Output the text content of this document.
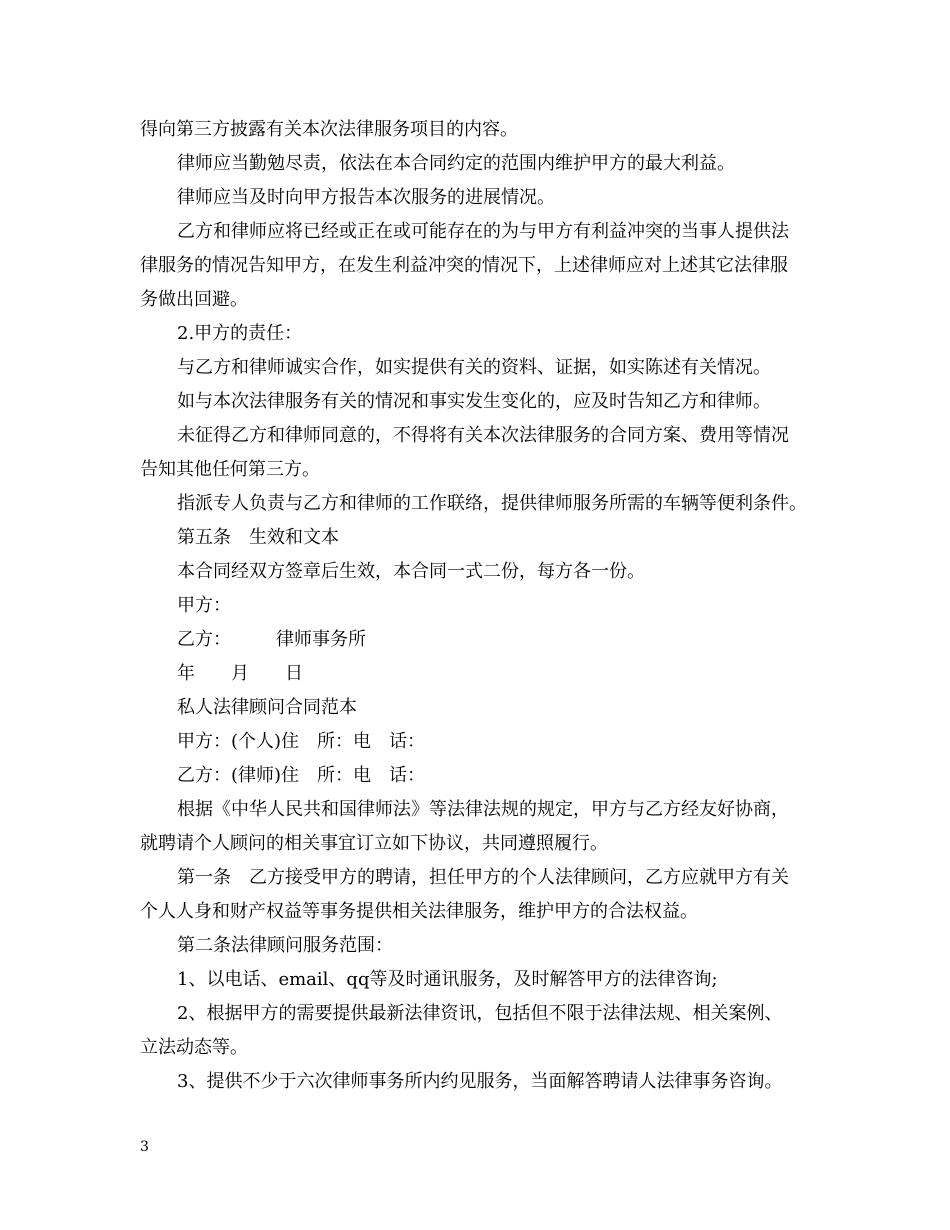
得向第三方披露有关本次法律服务项目的内容。

律师应当勤勉尽责，依法在本合同约定的范围内维护甲方的最大利益。

律师应当及时向甲方报告本次服务的进展情况。

乙方和律师应将已经或正在或可能存在的为与甲方有利益冲突的当事人提供法

律服务的情况告知甲方，在发生利益冲突的情况下，上述律师应对上述其它法律服

务做出回避。

2.甲方的责任：

与乙方和律师诚实合作，如实提供有关的资料、证据，如实陈述有关情况。

如与本次法律服务有关的情况和事实发生变化的，应及时告知乙方和律师。

未征得乙方和律师同意的，不得将有关本次法律服务的合同方案、费用等情况

告知其他任何第三方。

指派专人负责与乙方和律师的工作联络，提供律师服务所需的车辆等便利条件。

第五条　生效和文本

本合同经双方签章后生效，本合同一式二份，每方各一份。

甲方：

乙方：　　　律师事务所

年　　月　　日

私人法律顾问合同范本

甲方：(个人)住　所：电　话：

乙方：(律师)住　所：电　话：

根据《中华人民共和国律师法》等法律法规的规定，甲方与乙方经友好协商，

就聘请个人顾问的相关事宜订立如下协议，共同遵照履行。

第一条　乙方接受甲方的聘请，担任甲方的个人法律顾问，乙方应就甲方有关

个人人身和财产权益等事务提供相关法律服务，维护甲方的合法权益。

第二条法律顾问服务范围：

1、以电话、email、qq等及时通讯服务，及时解答甲方的法律咨询;

2、根据甲方的需要提供最新法律资讯，包括但不限于法律法规、相关案例、

立法动态等。

3、提供不少于六次律师事务所内约见服务，当面解答聘请人法律事务咨询。

3
